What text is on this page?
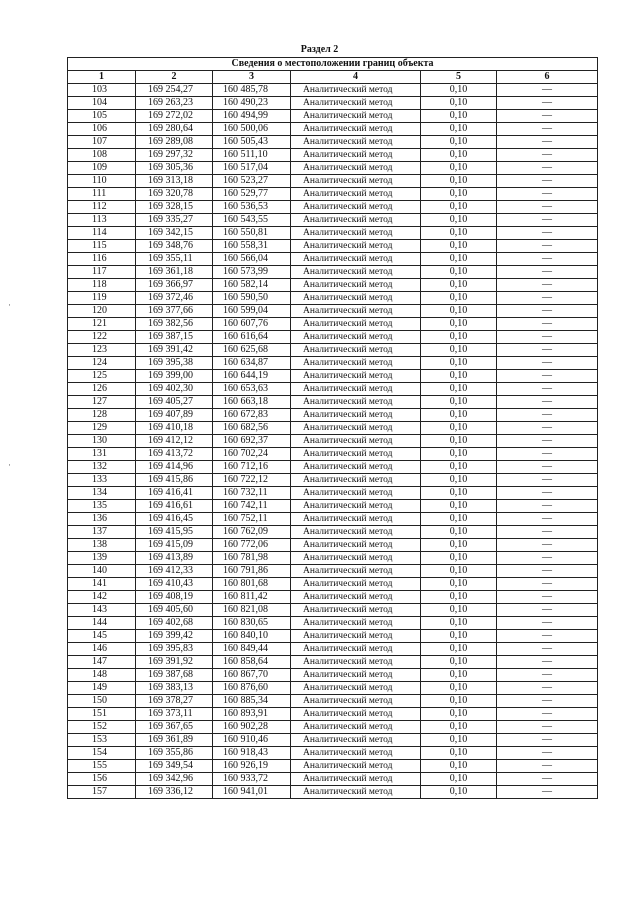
Раздел 2
Сведения о местоположении границ объекта					
1	2	3	4	5	6
103	169 254,27	160 485,78	Аналитический метод	0,10	—
104	169 263,23	160 490,23	Аналитический метод	0,10	—
105	169 272,02	160 494,99	Аналитический метод	0,10	—
106	169 280,64	160 500,06	Аналитический метод	0,10	—
107	169 289,08	160 505,43	Аналитический метод	0,10	—
108	169 297,32	160 511,10	Аналитический метод	0,10	—
109	169 305,36	160 517,04	Аналитический метод	0,10	—
110	169 313,18	160 523,27	Аналитический метод	0,10	—
111	169 320,78	160 529,77	Аналитический метод	0,10	—
112	169 328,15	160 536,53	Аналитический метод	0,10	—
113	169 335,27	160 543,55	Аналитический метод	0,10	—
114	169 342,15	160 550,81	Аналитический метод	0,10	—
115	169 348,76	160 558,31	Аналитический метод	0,10	—
116	169 355,11	160 566,04	Аналитический метод	0,10	—
117	169 361,18	160 573,99	Аналитический метод	0,10	—
118	169 366,97	160 582,14	Аналитический метод	0,10	—
119	169 372,46	160 590,50	Аналитический метод	0,10	—
120	169 377,66	160 599,04	Аналитический метод	0,10	—
121	169 382,56	160 607,76	Аналитический метод	0,10	—
122	169 387,15	160 616,64	Аналитический метод	0,10	—
123	169 391,42	160 625,68	Аналитический метод	0,10	—
124	169 395,38	160 634,87	Аналитический метод	0,10	—
125	169 399,00	160 644,19	Аналитический метод	0,10	—
126	169 402,30	160 653,63	Аналитический метод	0,10	—
127	169 405,27	160 663,18	Аналитический метод	0,10	—
128	169 407,89	160 672,83	Аналитический метод	0,10	—
129	169 410,18	160 682,56	Аналитический метод	0,10	—
130	169 412,12	160 692,37	Аналитический метод	0,10	—
131	169 413,72	160 702,24	Аналитический метод	0,10	—
132	169 414,96	160 712,16	Аналитический метод	0,10	—
133	169 415,86	160 722,12	Аналитический метод	0,10	—
134	169 416,41	160 732,11	Аналитический метод	0,10	—
135	169 416,61	160 742,11	Аналитический метод	0,10	—
136	169 416,45	160 752,11	Аналитический метод	0,10	—
137	169 415,95	160 762,09	Аналитический метод	0,10	—
138	169 415,09	160 772,06	Аналитический метод	0,10	—
139	169 413,89	160 781,98	Аналитический метод	0,10	—
140	169 412,33	160 791,86	Аналитический метод	0,10	—
141	169 410,43	160 801,68	Аналитический метод	0,10	—
142	169 408,19	160 811,42	Аналитический метод	0,10	—
143	169 405,60	160 821,08	Аналитический метод	0,10	—
144	169 402,68	160 830,65	Аналитический метод	0,10	—
145	169 399,42	160 840,10	Аналитический метод	0,10	—
146	169 395,83	160 849,44	Аналитический метод	0,10	—
147	169 391,92	160 858,64	Аналитический метод	0,10	—
148	169 387,68	160 867,70	Аналитический метод	0,10	—
149	169 383,13	160 876,60	Аналитический метод	0,10	—
150	169 378,27	160 885,34	Аналитический метод	0,10	—
151	169 373,11	160 893,91	Аналитический метод	0,10	—
152	169 367,65	160 902,28	Аналитический метод	0,10	—
153	169 361,89	160 910,46	Аналитический метод	0,10	—
154	169 355,86	160 918,43	Аналитический метод	0,10	—
155	169 349,54	160 926,19	Аналитический метод	0,10	—
156	169 342,96	160 933,72	Аналитический метод	0,10	—
157	169 336,12	160 941,01	Аналитический метод	0,10	—
·
·
